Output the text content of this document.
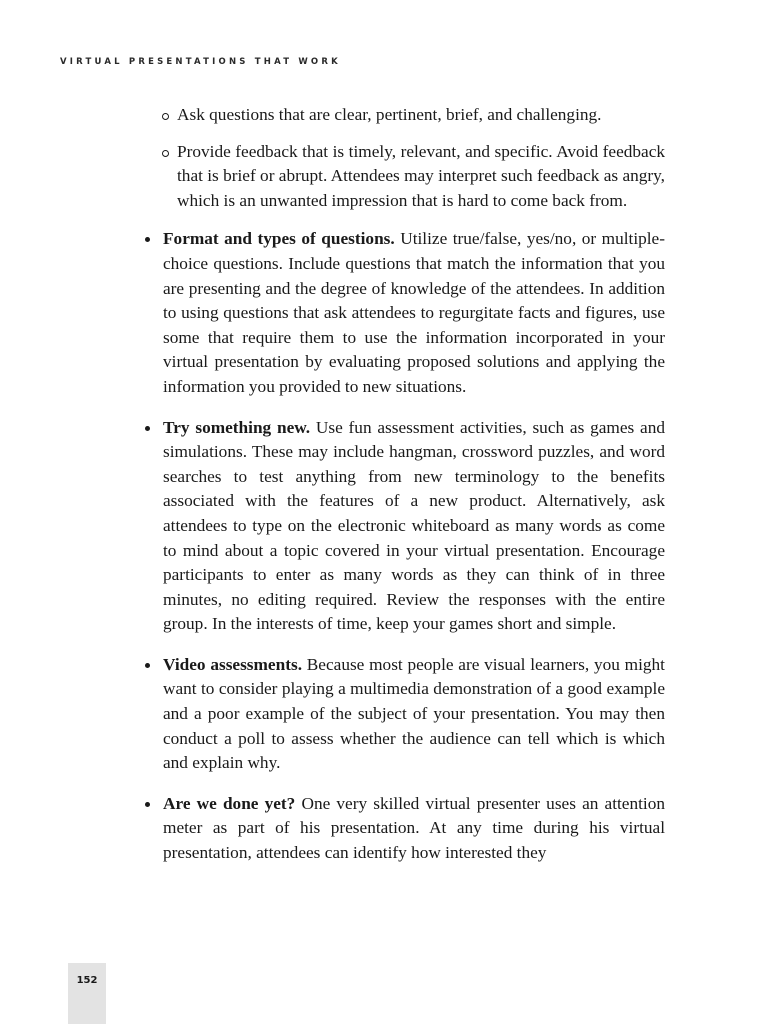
VIRTUAL PRESENTATIONS THAT WORK
Ask questions that are clear, pertinent, brief, and challenging.
Provide feedback that is timely, relevant, and specific. Avoid feedback that is brief or abrupt. Attendees may interpret such feedback as angry, which is an unwanted impression that is hard to come back from.
Format and types of questions. Utilize true/false, yes/no, or multiple-choice questions. Include questions that match the information that you are presenting and the degree of knowledge of the attendees. In addition to using questions that ask attendees to regurgitate facts and figures, use some that require them to use the information incorporated in your virtual presentation by evaluating proposed solutions and applying the information you provided to new situations.
Try something new. Use fun assessment activities, such as games and simulations. These may include hangman, crossword puzzles, and word searches to test anything from new terminology to the benefits associated with the features of a new product. Alternatively, ask attendees to type on the electronic whiteboard as many words as come to mind about a topic covered in your virtual presentation. Encourage participants to enter as many words as they can think of in three minutes, no editing required. Review the responses with the entire group. In the interests of time, keep your games short and simple.
Video assessments. Because most people are visual learners, you might want to consider playing a multimedia demonstration of a good example and a poor example of the subject of your presentation. You may then conduct a poll to assess whether the audience can tell which is which and explain why.
Are we done yet? One very skilled virtual presenter uses an attention meter as part of his presentation. At any time during his virtual presentation, attendees can identify how interested they
152
